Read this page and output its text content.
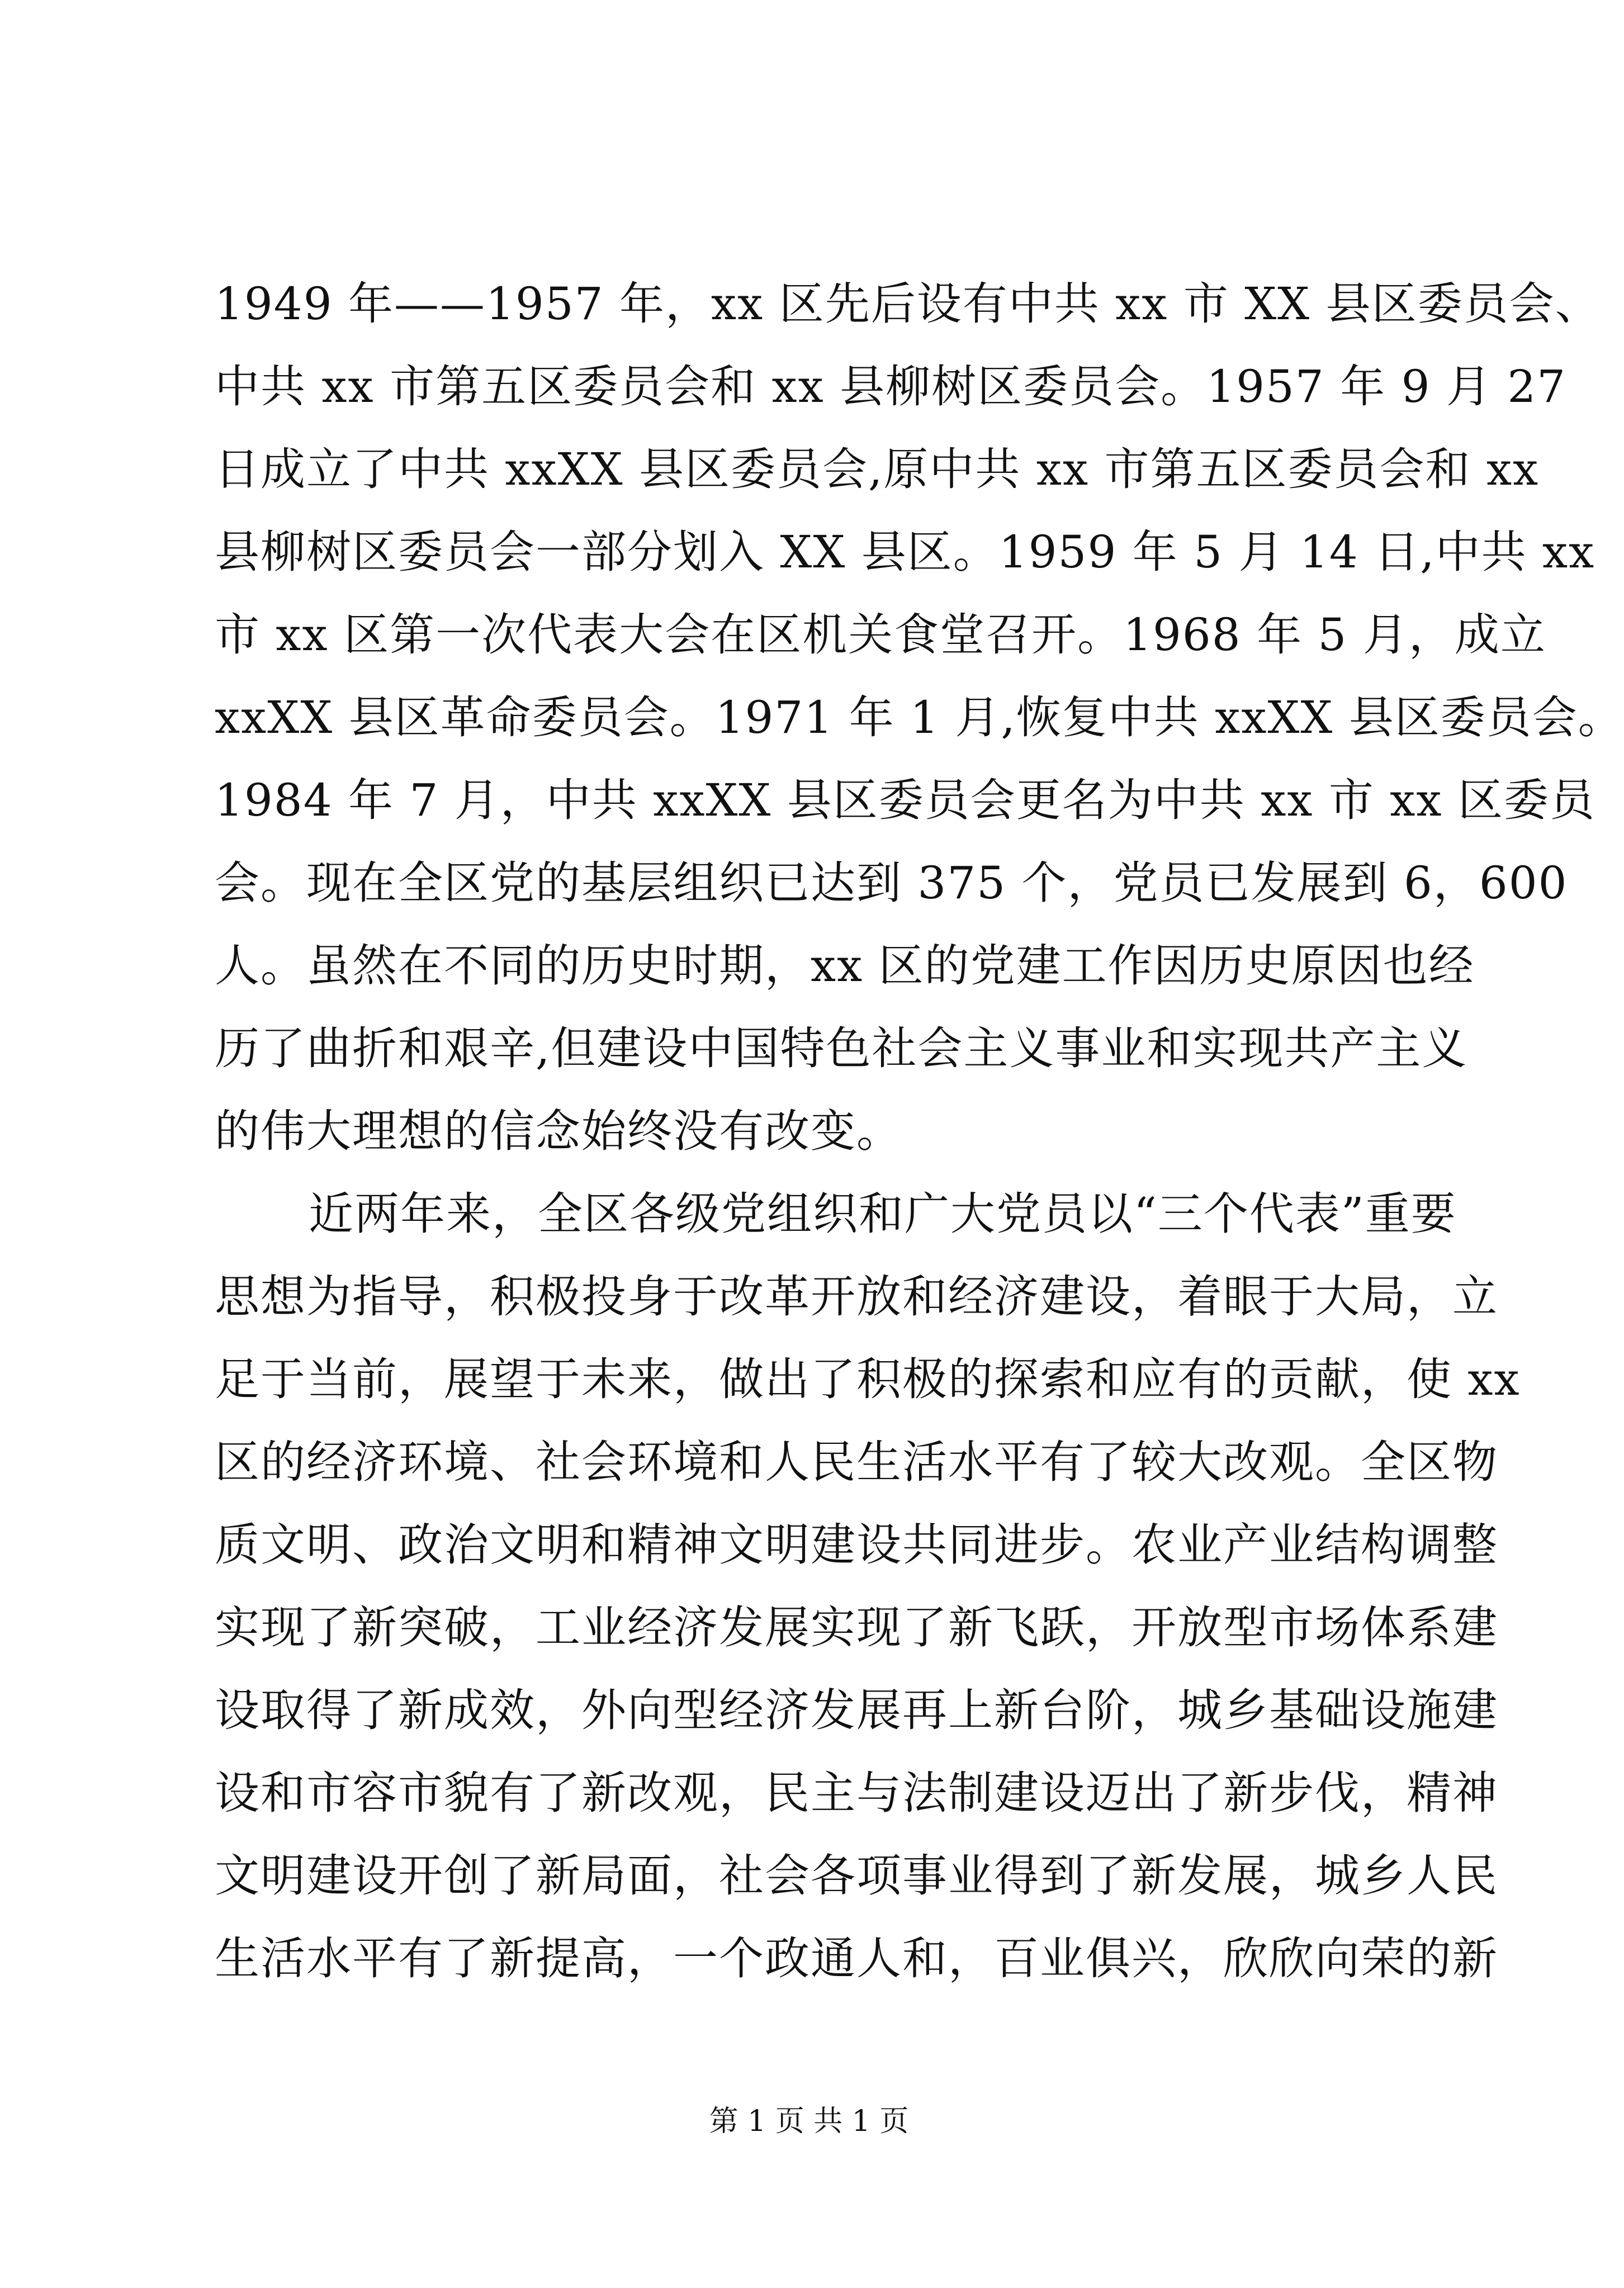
1949 年——1957 年，xx 区先后设有中共 xx 市 XX 县区委员会、
中共 xx 市第五区委员会和 xx 县柳树区委员会。1957 年 9 月 27
日成立了中共 xxXX 县区委员会,原中共 xx 市第五区委员会和 xx
县柳树区委员会一部分划入 XX 县区。1959 年 5 月 14 日,中共 xx
市 xx 区第一次代表大会在区机关食堂召开。1968 年 5 月，成立
xxXX 县区革命委员会。1971 年 1 月,恢复中共 xxXX 县区委员会。
1984 年 7 月，中共 xxXX 县区委员会更名为中共 xx 市 xx 区委员
会。现在全区党的基层组织已达到 375 个，党员已发展到 6，600
人。虽然在不同的历史时期，xx 区的党建工作因历史原因也经
历了曲折和艰辛,但建设中国特色社会主义事业和实现共产主义
的伟大理想的信念始终没有改变。
近两年来，全区各级党组织和广大党员以“三个代表”重要
思想为指导，积极投身于改革开放和经济建设，着眼于大局，立
足于当前，展望于未来，做出了积极的探索和应有的贡献，使 xx
区的经济环境、社会环境和人民生活水平有了较大改观。全区物
质文明、政治文明和精神文明建设共同进步。农业产业结构调整
实现了新突破，工业经济发展实现了新飞跃，开放型市场体系建
设取得了新成效，外向型经济发展再上新台阶，城乡基础设施建
设和市容市貌有了新改观，民主与法制建设迈出了新步伐，精神
文明建设开创了新局面，社会各项事业得到了新发展，城乡人民
生活水平有了新提高，一个政通人和，百业俱兴，欣欣向荣的新
第 1 页 共 1 页
